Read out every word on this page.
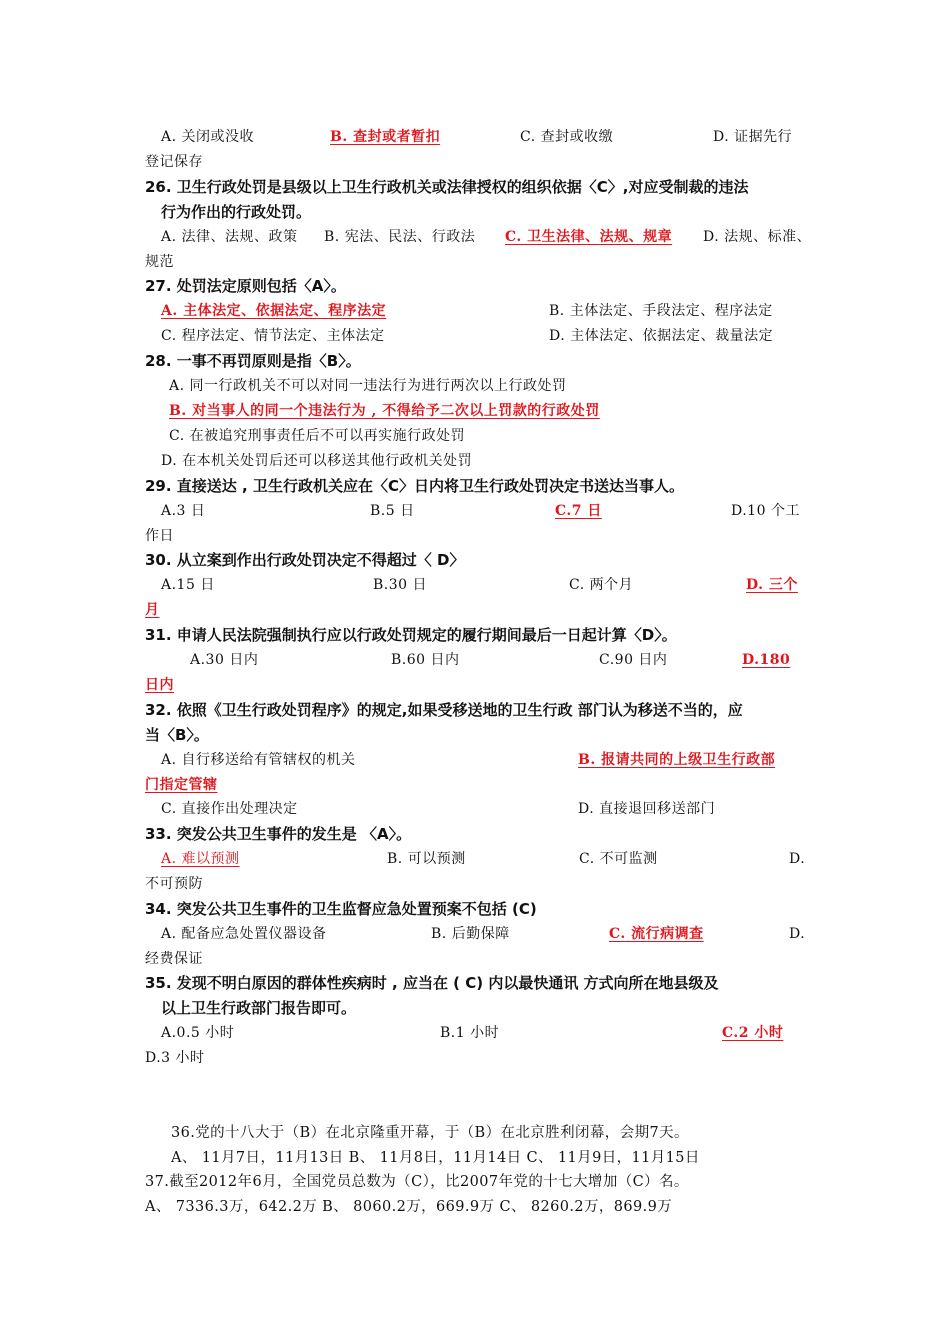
A. 关闭或没收	B. 查封或者暂扣	C. 查封或收缴	D. 证据先行
登记保存
26. 卫生行政处罚是县级以上卫生行政机关或法律授权的组织依据〈C〉,对应受制裁的违法
行为作出的行政处罚。
A. 法律、法规、政策 B. 宪法、民法、行政法 C. 卫生法律、法规、规章 D. 法规、标准、
规范
27. 处罚法定原则包括〈A〉。
A. 主体法定、依据法定、程序法定	B. 主体法定、手段法定、程序法定
C. 程序法定、情节法定、主体法定	D. 主体法定、依据法定、裁量法定
28. 一事不再罚原则是指〈B〉。
A. 同一行政机关不可以对同一违法行为进行两次以上行政处罚
B. 对当事人的同一个违法行为 , 不得给予二次以上罚款的行政处罚
C. 在被追究刑事责任后不可以再实施行政处罚
D. 在本机关处罚后还可以移送其他行政机关处罚
29. 直接送达 , 卫生行政机关应在〈C〉日内将卫生行政处罚决定书送达当事人。
A.3 日	B.5 日	C.7 日	D.10 个工
作日
30. 从立案到作出行政处罚决定不得超过〈 D〉
A.15 日	B.30 日	C. 两个月	D. 三个
月
31. 申请人民法院强制执行应以行政处罚规定的履行期间最后一日起计算〈D〉。
A.30 日内	B.60 日内	C.90 日内	D.180
日内
32. 依照《卫生行政处罚程序》的规定,如果受移送地的卫生行政 部门认为移送不当的，应
当〈B〉。
A. 自行移送给有管辖权的机关	B. 报请共同的上级卫生行政部
门指定管辖
C. 直接作出处理决定	D. 直接退回移送部门
33. 突发公共卫生事件的发生是 〈A〉。
A. 难以预测	B. 可以预测	C. 不可监测	D.
不可预防
34. 突发公共卫生事件的卫生监督应急处置预案不包括 (C)
A. 配备应急处置仪器设备	B. 后勤保障	C. 流行病调查	D.
经费保证
35. 发现不明白原因的群体性疾病时 , 应当在 ( C) 内以最快通讯 方式向所在地县级及
以上卫生行政部门报告即可。
A.0.5 小时	B.1 小时	C.2 小时
D.3 小时
36.党的十八大于（B）在北京隆重开幕，于（B）在北京胜利闭幕，会期7天。
A、 11月7日，11月13日 B、 11月8日，11月14日 C、 11月9日，11月15日
37.截至2012年6月，全国党员总数为（C），比2007年党的十七大增加（C）名。
A、 7336.3万，642.2万 B、 8060.2万，669.9万 C、 8260.2万，869.9万
